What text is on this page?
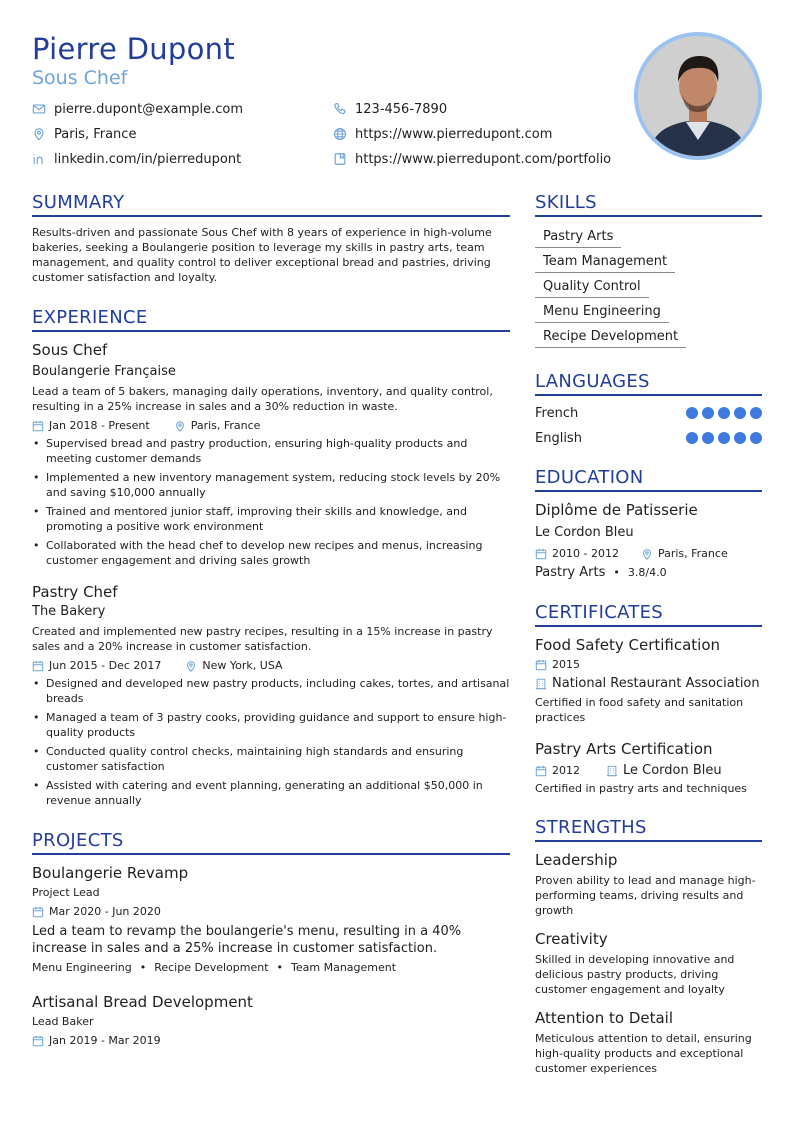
Pierre Dupont
Sous Chef
pierre.dupont@example.com	123-456-7890
Paris, France	https://www.pierredupont.com
linkedin.com/in/pierredupont	https://www.pierredupont.com/portfolio
SUMMARY
Results-driven and passionate Sous Chef with 8 years of experience in high-volume bakeries, seeking a Boulangerie position to leverage my skills in pastry arts, team management, and quality control to deliver exceptional bread and pastries, driving customer satisfaction and loyalty.
EXPERIENCE
Sous Chef
Boulangerie Française
Lead a team of 5 bakers, managing daily operations, inventory, and quality control, resulting in a 25% increase in sales and a 30% reduction in waste.
Jan 2018 - Present	Paris, France
• Supervised bread and pastry production, ensuring high-quality products and meeting customer demands
• Implemented a new inventory management system, reducing stock levels by 20% and saving $10,000 annually
• Trained and mentored junior staff, improving their skills and knowledge, and promoting a positive work environment
• Collaborated with the head chef to develop new recipes and menus, increasing customer engagement and driving sales growth
Pastry Chef
The Bakery
Created and implemented new pastry recipes, resulting in a 15% increase in pastry sales and a 20% increase in customer satisfaction.
Jun 2015 - Dec 2017	New York, USA
• Designed and developed new pastry products, including cakes, tortes, and artisanal breads
• Managed a team of 3 pastry cooks, providing guidance and support to ensure high-quality products
• Conducted quality control checks, maintaining high standards and ensuring customer satisfaction
• Assisted with catering and event planning, generating an additional $50,000 in revenue annually
PROJECTS
Boulangerie Revamp
Project Lead
Mar 2020 - Jun 2020
Led a team to revamp the boulangerie's menu, resulting in a 40% increase in sales and a 25% increase in customer satisfaction.
Menu Engineering • Recipe Development • Team Management
Artisanal Bread Development
Lead Baker
Jan 2019 - Mar 2019
SKILLS
Pastry Arts
Team Management
Quality Control
Menu Engineering
Recipe Development
LANGUAGES
French
English
EDUCATION
Diplôme de Patisserie
Le Cordon Bleu
2010 - 2012	Paris, France
Pastry Arts • 3.8/4.0
CERTIFICATES
Food Safety Certification
2015
National Restaurant Association
Certified in food safety and sanitation practices
Pastry Arts Certification
2012	Le Cordon Bleu
Certified in pastry arts and techniques
STRENGTHS
Leadership
Proven ability to lead and manage high-performing teams, driving results and growth
Creativity
Skilled in developing innovative and delicious pastry products, driving customer engagement and loyalty
Attention to Detail
Meticulous attention to detail, ensuring high-quality products and exceptional customer experiences
